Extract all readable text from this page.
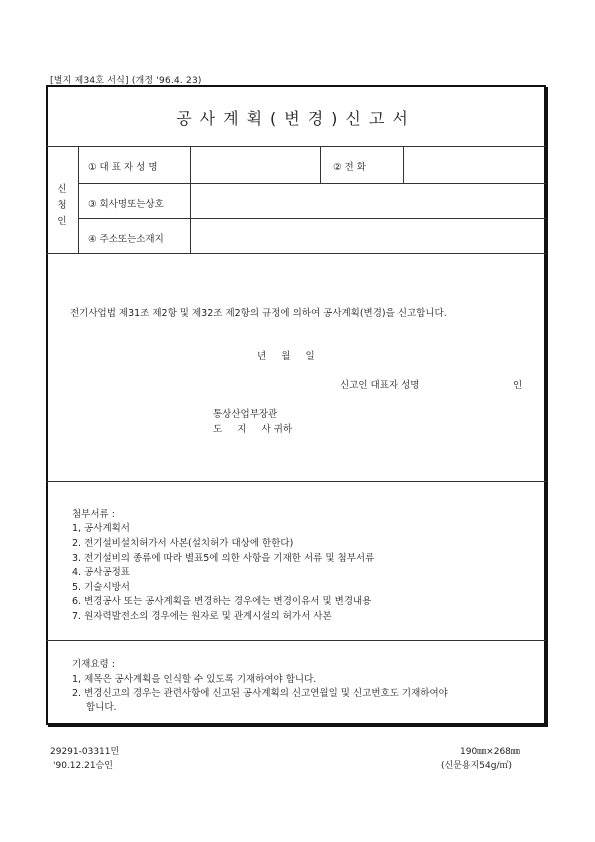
[별지 제34호 서식] (개정 '96.4. 23)
공사계획(변경)신고서
신
청
인
① 대 표 자 성 명	② 전 화
③ 회사명또는상호
④ 주소또는소재지
전기사업법 제31조 제2항 및 제32조 제2항의 규정에 의하여 공사계획(변경)을 신고합니다.
년     월     일
신고인 대표자 성명	인
통상산업부장관
도     지     사 귀하
첨부서류 :
1, 공사계획서
2. 전기설비설치허가서 사본(설치허가 대상에 한한다)
3. 전기설비의 종류에 따라 별표5에 의한 사항을 기재한 서류 및 첨부서류
4. 공사공정표
5. 기술시방서
6. 변경공사 또는 공사계획을 변경하는 경우에는 변경이유서 및 변경내용
7. 원자력발전소의 경우에는 원자로 및 관계시설의 허가서 사본
기재요령 :
1, 제목은 공사계획을 인식할 수 있도록 기재하여야 합니다.
2. 변경신고의 경우는 관련사항에 신고된 공사계획의 신고연월일 및 신고번호도 기재하여야
합니다.
29291-03311민
'90.12.21승인
190㎜×268㎜
(신문용지54g/㎡)
